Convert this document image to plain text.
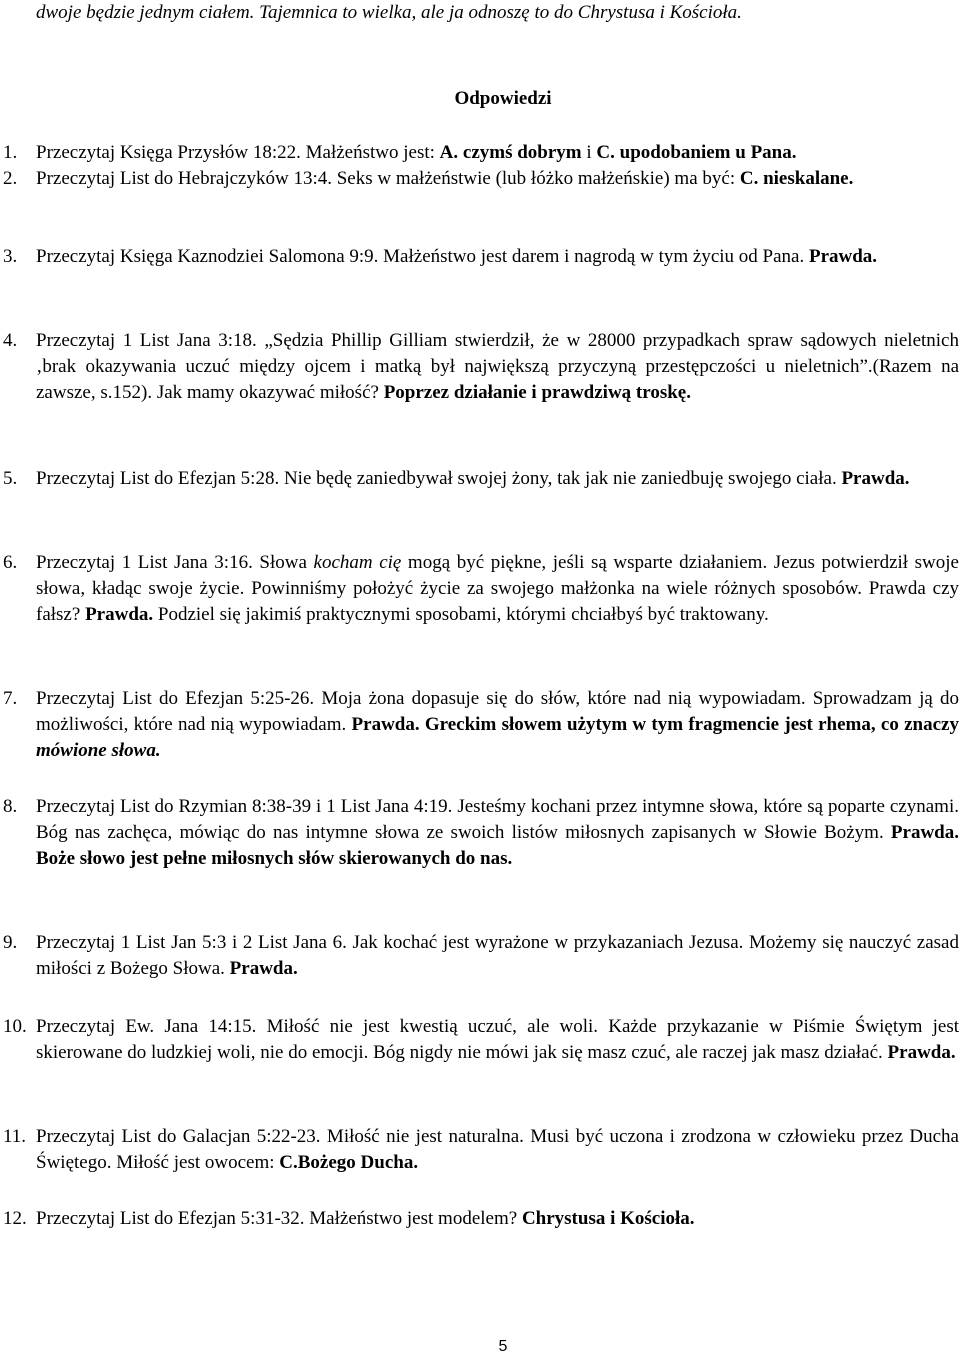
dwoje będzie jednym ciałem. Tajemnica to wielka, ale ja odnoszę to do Chrystusa i Kościoła.
Odpowiedzi
1. Przeczytaj Księga Przysłów 18:22. Małżeństwo jest: A. czymś dobrym i C. upodobaniem u Pana.
2. Przeczytaj List do Hebrajczyków 13:4. Seks w małżeństwie (lub łóżko małżeńskie) ma być: C. nieskalane.
3. Przeczytaj Księga Kaznodziei Salomona 9:9. Małżeństwo jest darem i nagrodą w tym życiu od Pana. Prawda.
4. Przeczytaj 1 List Jana 3:18. „Sędzia Phillip Gilliam stwierdził, że w 28000 przypadkach spraw sądowych nieletnich ‚brak okazywania uczuć między ojcem i matką był największą przyczyną przestępczości u nieletnich”.(Razem na zawsze, s.152). Jak mamy okazywać miłość? Poprzez działanie i prawdziwą troskę.
5. Przeczytaj List do Efezjan 5:28. Nie będę zaniedbywał swojej żony, tak jak nie zaniedbuję swojego ciała. Prawda.
6. Przeczytaj 1 List Jana 3:16. Słowa kocham cię mogą być piękne, jeśli są wsparte działaniem. Jezus potwierdził swoje słowa, kładąc swoje życie. Powinniśmy położyć życie za swojego małżonka na wiele różnych sposobów. Prawda czy fałsz? Prawda. Podziel się jakimiś praktycznymi sposobami, którymi chciałbyś być traktowany.
7. Przeczytaj List do Efezjan 5:25-26. Moja żona dopasuje się do słów, które nad nią wypowiadam. Sprowadzam ją do możliwości, które nad nią wypowiadam. Prawda. Greckim słowem użytym w tym fragmencie jest rhema, co znaczy mówione słowa.
8. Przeczytaj List do Rzymian 8:38-39 i 1 List Jana 4:19. Jesteśmy kochani przez intymne słowa, które są poparte czynami. Bóg nas zachęca, mówiąc do nas intymne słowa ze swoich listów miłosnych zapisanych w Słowie Bożym. Prawda. Boże słowo jest pełne miłosnych słów skierowanych do nas.
9. Przeczytaj 1 List Jan 5:3 i 2 List Jana 6. Jak kochać jest wyrażone w przykazaniach Jezusa. Możemy się nauczyć zasad miłości z Bożego Słowa. Prawda.
10. Przeczytaj Ew. Jana 14:15. Miłość nie jest kwestią uczuć, ale woli. Każde przykazanie w Piśmie Świętym jest skierowane do ludzkiej woli, nie do emocji. Bóg nigdy nie mówi jak się masz czuć, ale raczej jak masz działać. Prawda.
11. Przeczytaj List do Galacjan 5:22-23. Miłość nie jest naturalna. Musi być uczona i zrodzona w człowieku przez Ducha Świętego. Miłość jest owocem: C.Bożego Ducha.
12. Przeczytaj List do Efezjan 5:31-32. Małżeństwo jest modelem? Chrystusa i Kościoła.
5
